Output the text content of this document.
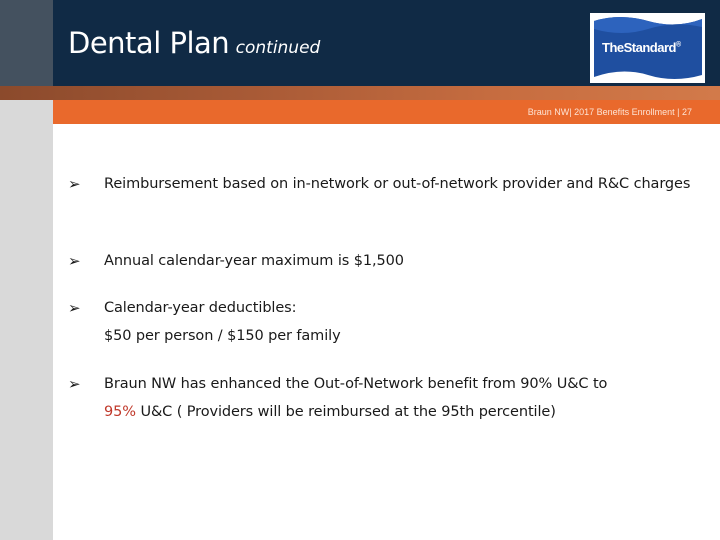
Dental Plan continued	TheStandard®
Braun NW| 2017 Benefits Enrollment | 27
➢ Reimbursement based on in-network or out-of-network provider and R&C charges
➢ Annual calendar-year maximum is $1,500
➢ Calendar-year deductibles:
$50 per person / $150 per family
➢ Braun NW has enhanced the Out-of-Network benefit from 90% U&C to
95% U&C ( Providers will be reimbursed at the 95th percentile)
